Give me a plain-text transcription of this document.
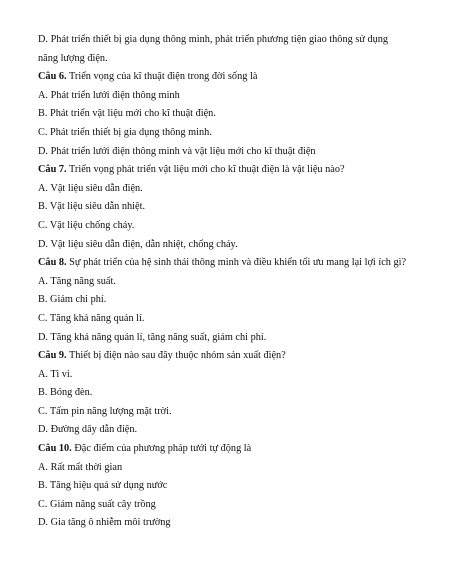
D. Phát triển thiết bị gia dụng thông minh, phát triển phương tiện giao thông sử dụng
năng lượng điện.
Câu 6. Triển vọng của kĩ thuật điện trong đời sống là
A. Phát triển lưới điện thông minh
B. Phát triển vật liệu mới cho kĩ thuật điện.
C. Phát triển thiết bị gia dụng thông minh.
D. Phát triển lưới điện thông minh và vật liệu mới cho kĩ thuật điện
Câu 7. Triển vọng phát triển vật liệu mới cho kĩ thuật điện là vật liệu nào?
A. Vật liệu siêu dẫn điện.
B. Vật liệu siêu dẫn nhiệt.
C. Vật liệu chống cháy.
D. Vật liệu siêu dẫn điện, dẫn nhiệt, chống cháy.
Câu 8. Sự phát triển của hệ sinh thái thông minh và điều khiển tối ưu mang lại lợi ích gì?
A. Tăng năng suất.
B. Giảm chi phí.
C. Tăng khả năng quản lí.
D. Tăng khả năng quản lí, tăng năng suất, giảm chi phí.
Câu 9. Thiết bị điện nào sau đây thuộc nhóm sản xuất điện?
A. Ti vi.
B. Bóng đèn.
C. Tấm pin năng lượng mặt trời.
D. Đường dây dẫn điện.
Câu 10. Đặc điểm của phương pháp tưới tự động là
A. Rất mất thời gian
B. Tăng hiệu quả sử dụng nước
C. Giảm năng suất cây trồng
D. Gia tăng ô nhiễm môi trường
